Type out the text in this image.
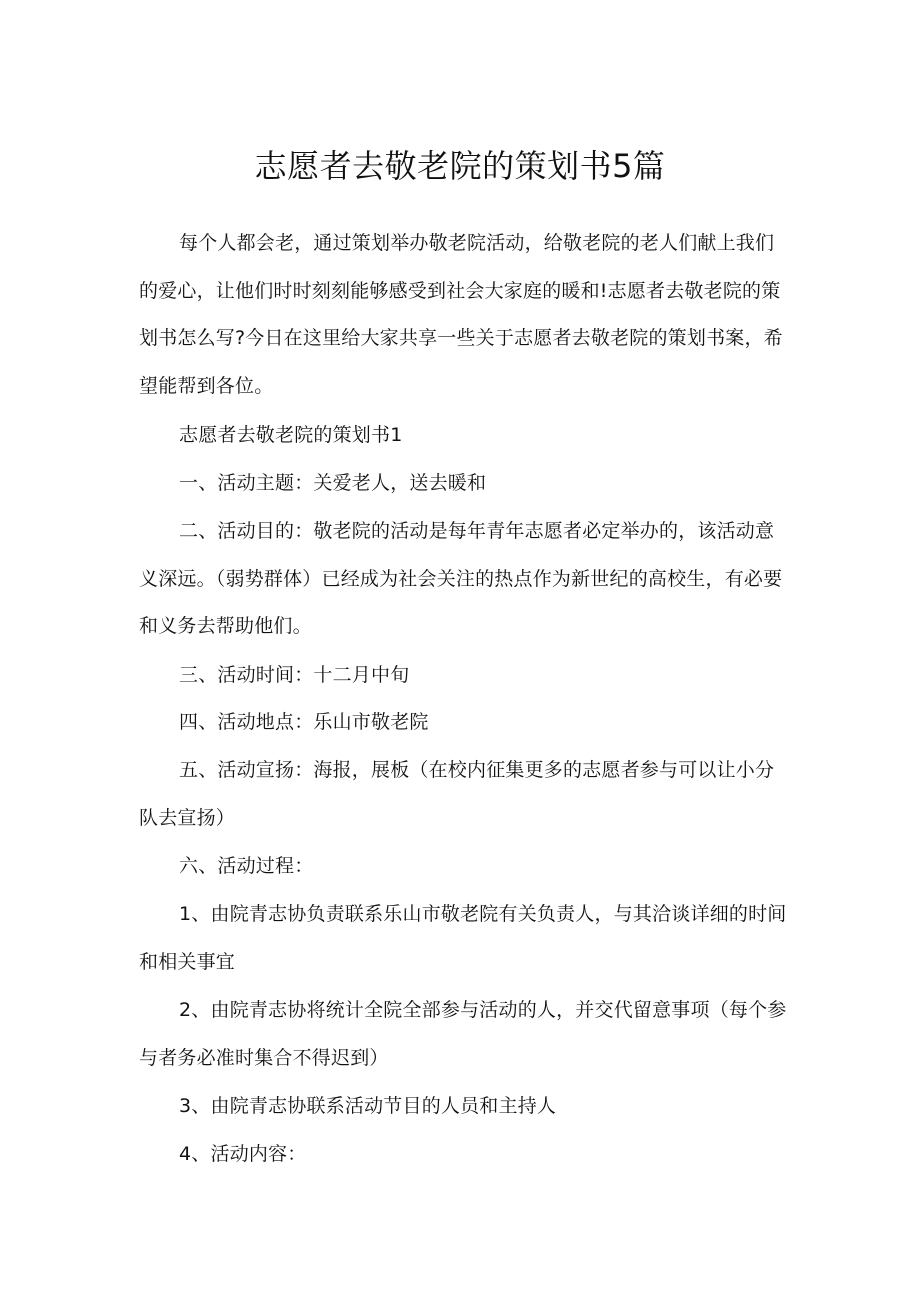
志愿者去敬老院的策划书5篇

每个人都会老，通过策划举办敬老院活动，给敬老院的老人们献上我们的爱心，让他们时时刻刻能够感受到社会大家庭的暖和!志愿者去敬老院的策划书怎么写?今日在这里给大家共享一些关于志愿者去敬老院的策划书案，希望能帮到各位。

志愿者去敬老院的策划书1

一、活动主题：关爱老人，送去暖和

二、活动目的：敬老院的活动是每年青年志愿者必定举办的，该活动意义深远。（弱势群体）已经成为社会关注的热点作为新世纪的高校生，有必要和义务去帮助他们。

三、活动时间：十二月中旬

四、活动地点：乐山市敬老院

五、活动宣扬：海报，展板（在校内征集更多的志愿者参与可以让小分队去宣扬）

六、活动过程：

1、由院青志协负责联系乐山市敬老院有关负责人，与其洽谈详细的时间和相关事宜

2、由院青志协将统计全院全部参与活动的人，并交代留意事项（每个参与者务必准时集合不得迟到）

3、由院青志协联系活动节目的人员和主持人

4、活动内容：
